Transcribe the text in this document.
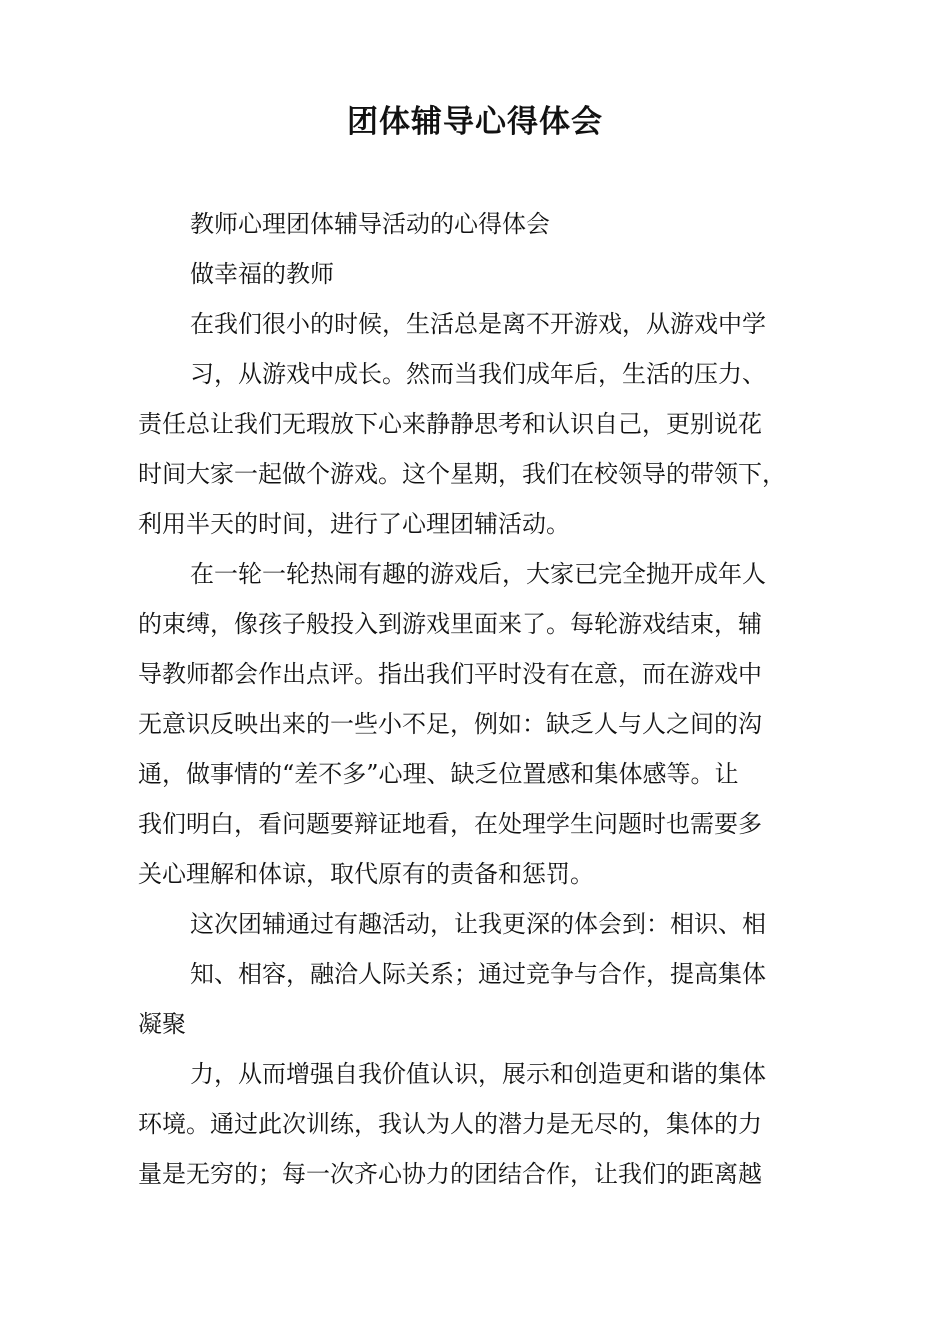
团体辅导心得体会
教师心理团体辅导活动的心得体会
做幸福的教师
在我们很小的时候，生活总是离不开游戏，从游戏中学
习，从游戏中成长。然而当我们成年后，生活的压力、
责任总让我们无瑕放下心来静静思考和认识自己，更别说花
时间大家一起做个游戏。这个星期，我们在校领导的带领下，
利用半天的时间，进行了心理团辅活动。
在一轮一轮热闹有趣的游戏后，大家已完全抛开成年人
的束缚，像孩子般投入到游戏里面来了。每轮游戏结束，辅
导教师都会作出点评。指出我们平时没有在意，而在游戏中
无意识反映出来的一些小不足，例如：缺乏人与人之间的沟
通，做事情的“差不多”心理、缺乏位置感和集体感等。让
我们明白，看问题要辩证地看，在处理学生问题时也需要多
关心理解和体谅，取代原有的责备和惩罚。
这次团辅通过有趣活动，让我更深的体会到：相识、相
知、相容，融洽人际关系；通过竞争与合作，提高集体
凝聚
力，从而增强自我价值认识，展示和创造更和谐的集体
环境。通过此次训练，我认为人的潜力是无尽的，集体的力
量是无穷的；每一次齐心协力的团结合作，让我们的距离越
